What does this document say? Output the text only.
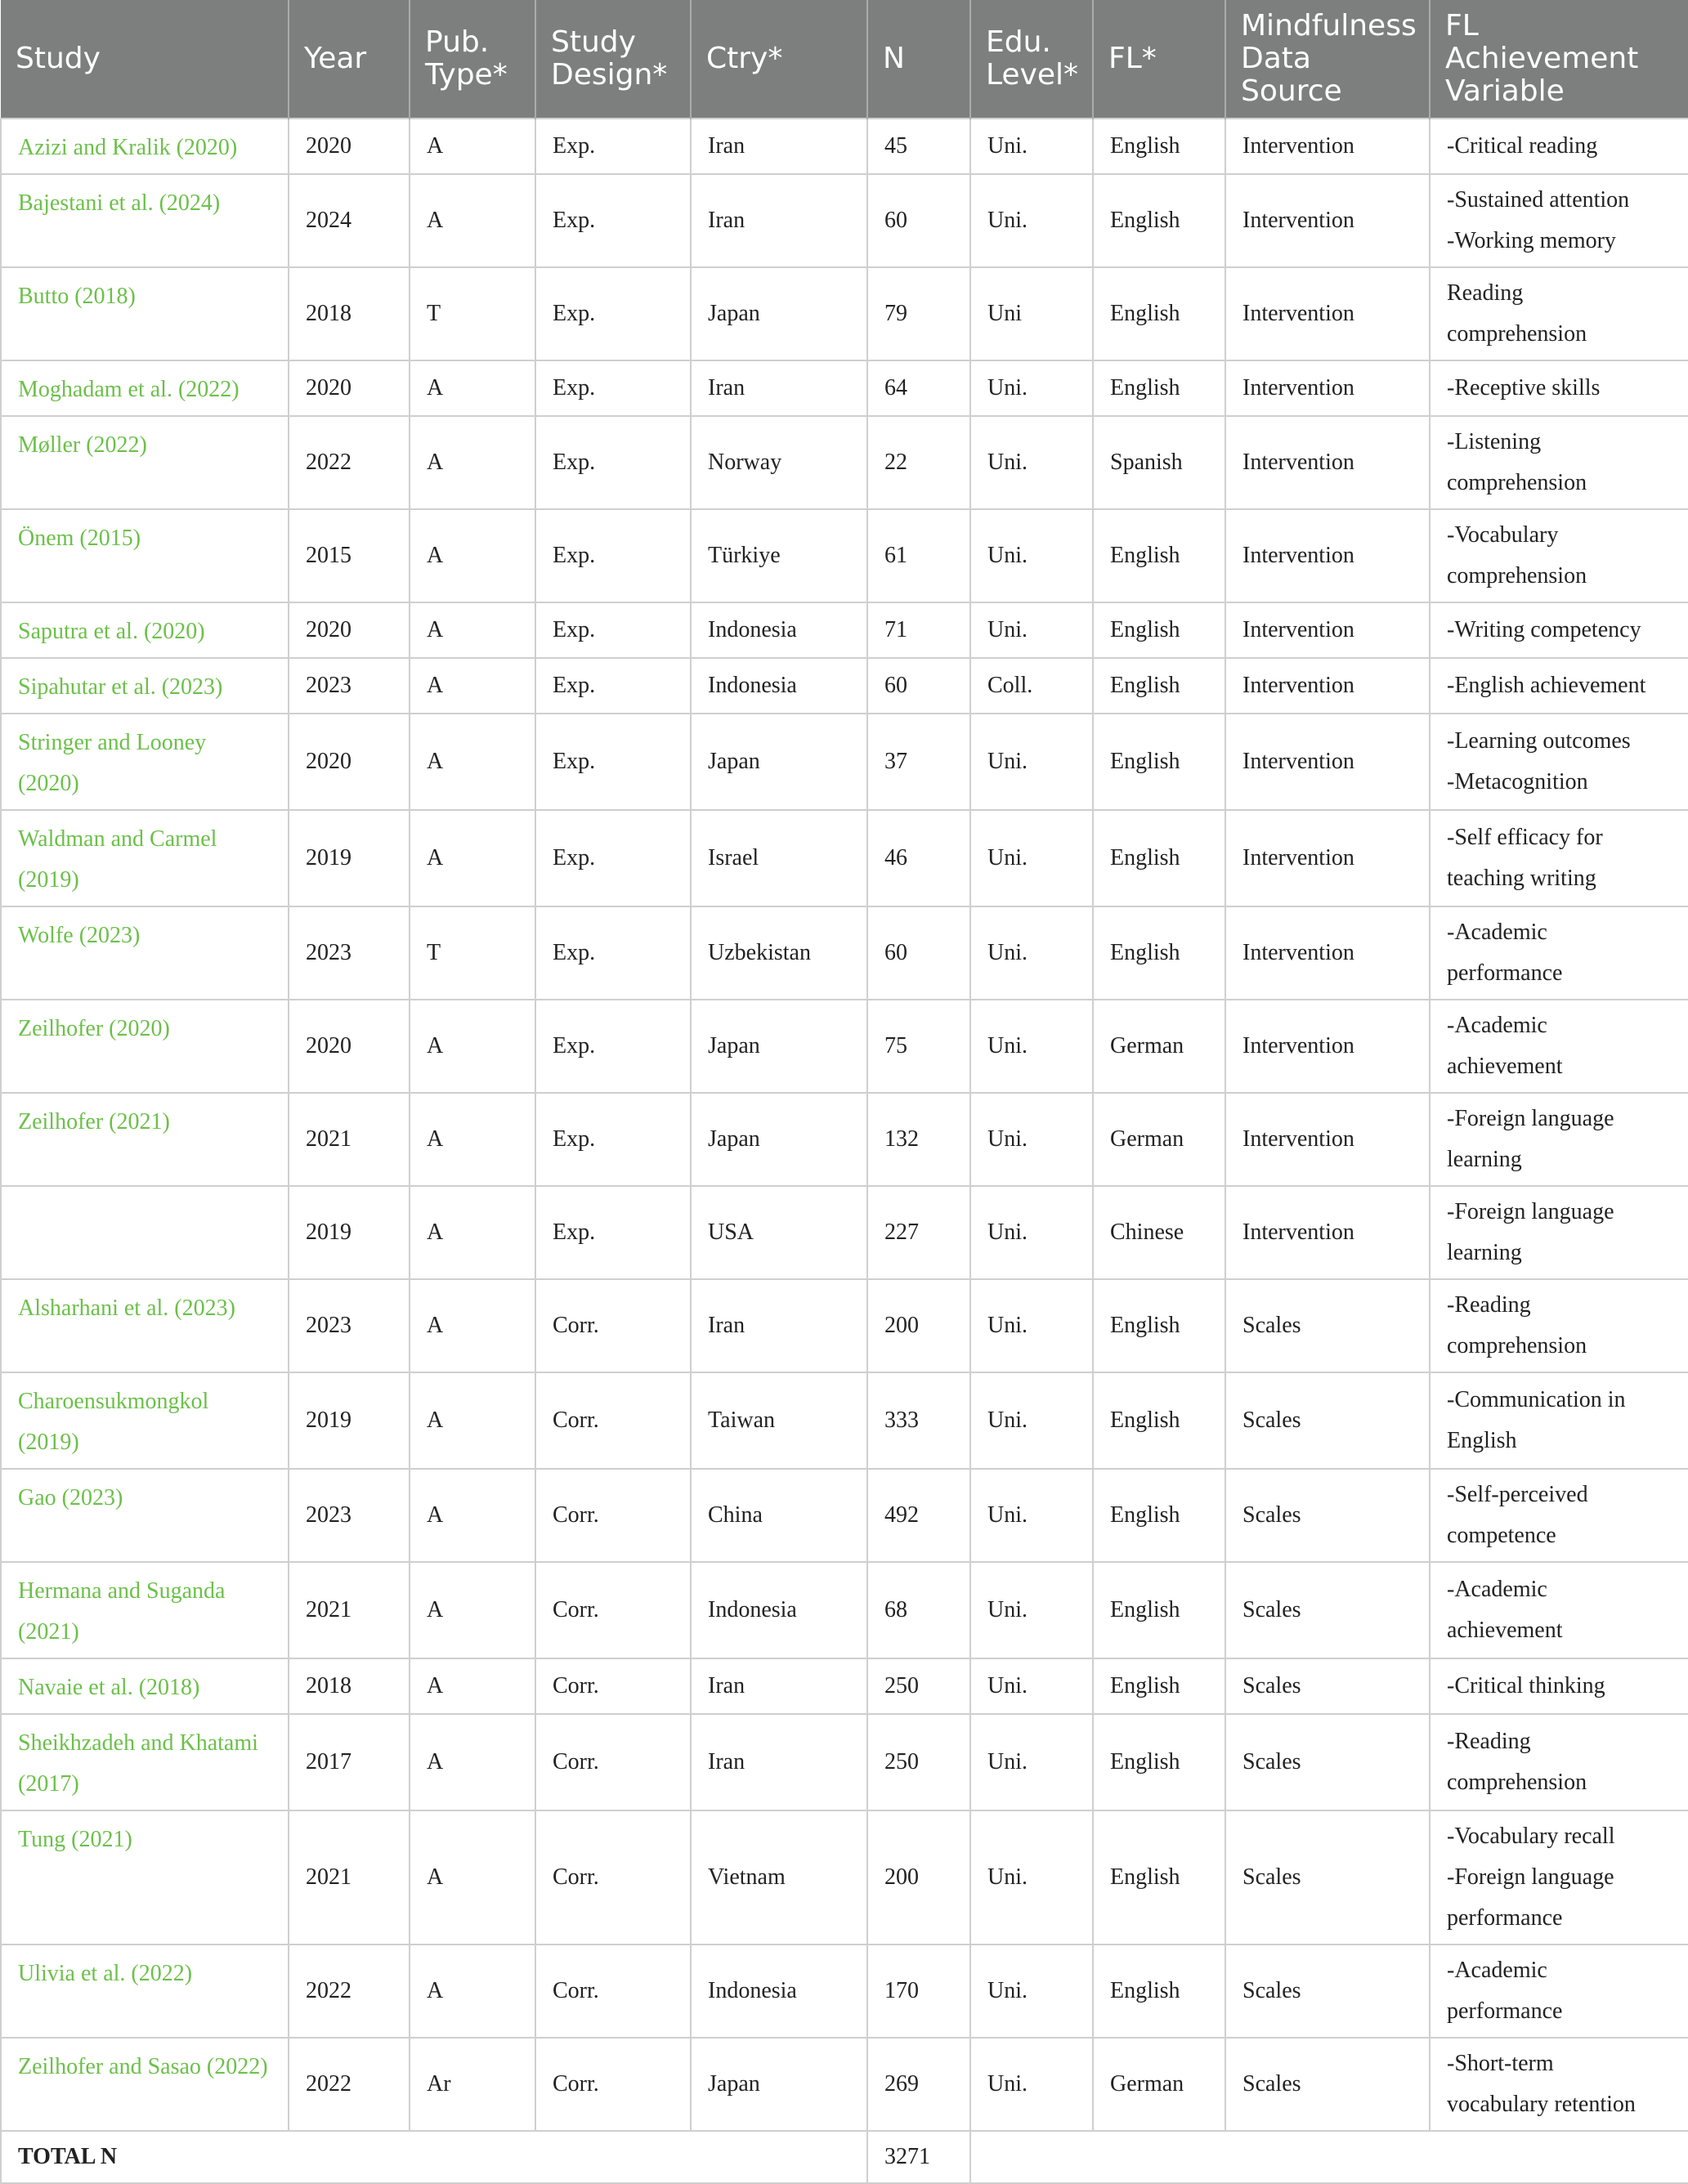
Study	Year	Pub. Type*	Study Design*	Ctry*	N	Edu. Level*	FL*	Mindfulness Data Source	FL Achievement Variable
Azizi and Kralik (2020)	2020	A	Exp.	Iran	45	Uni.	English	Intervention	-Critical reading

Bajestani et al. (2024)	2024	A	Exp.	Iran	60	Uni.	English	Intervention	-Sustained attention
-Working memory

Butto (2018)	2018	T	Exp.	Japan	79	Uni	English	Intervention	Reading
comprehension

Moghadam et al. (2022)	2020	A	Exp.	Iran	64	Uni.	English	Intervention	-Receptive skills

Møller (2022)	2022	A	Exp.	Norway	22	Uni.	Spanish	Intervention	-Listening
comprehension

Önem (2015)	2015	A	Exp.	Türkiye	61	Uni.	English	Intervention	-Vocabulary
comprehension

Saputra et al. (2020)	2020	A	Exp.	Indonesia	71	Uni.	English	Intervention	-Writing competency

Sipahutar et al. (2023)	2023	A	Exp.	Indonesia	60	Coll.	English	Intervention	-English achievement

Stringer and Looney (2020)	2020	A	Exp.	Japan	37	Uni.	English	Intervention	-Learning outcomes
-Metacognition

Waldman and Carmel (2019)	2019	A	Exp.	Israel	46	Uni.	English	Intervention	-Self efficacy for
teaching writing

Wolfe (2023)	2023	T	Exp.	Uzbekistan	60	Uni.	English	Intervention	-Academic
performance

Zeilhofer (2020)	2020	A	Exp.	Japan	75	Uni.	German	Intervention	-Academic
achievement

Zeilhofer (2021)	2021	A	Exp.	Japan	132	Uni.	German	Intervention	-Foreign language
learning

	2019	A	Exp.	USA	227	Uni.	Chinese	Intervention	-Foreign language
learning

Alsharhani et al. (2023)	2023	A	Corr.	Iran	200	Uni.	English	Scales	-Reading
comprehension

Charoensukmongkol (2019)	2019	A	Corr.	Taiwan	333	Uni.	English	Scales	-Communication in
English

Gao (2023)	2023	A	Corr.	China	492	Uni.	English	Scales	-Self-perceived
competence

Hermana and Suganda (2021)	2021	A	Corr.	Indonesia	68	Uni.	English	Scales	-Academic
achievement

Navaie et al. (2018)	2018	A	Corr.	Iran	250	Uni.	English	Scales	-Critical thinking

Sheikhzadeh and Khatami (2017)	2017	A	Corr.	Iran	250	Uni.	English	Scales	-Reading
comprehension

Tung (2021)	2021	A	Corr.	Vietnam	200	Uni.	English	Scales	-Vocabulary recall
-Foreign language
performance

Ulivia et al. (2022)	2022	A	Corr.	Indonesia	170	Uni.	English	Scales	-Academic
performance

Zeilhofer and Sasao (2022)	2022	Ar	Corr.	Japan	269	Uni.	German	Scales	-Short-term
vocabulary retention

TOTAL N					3271				
